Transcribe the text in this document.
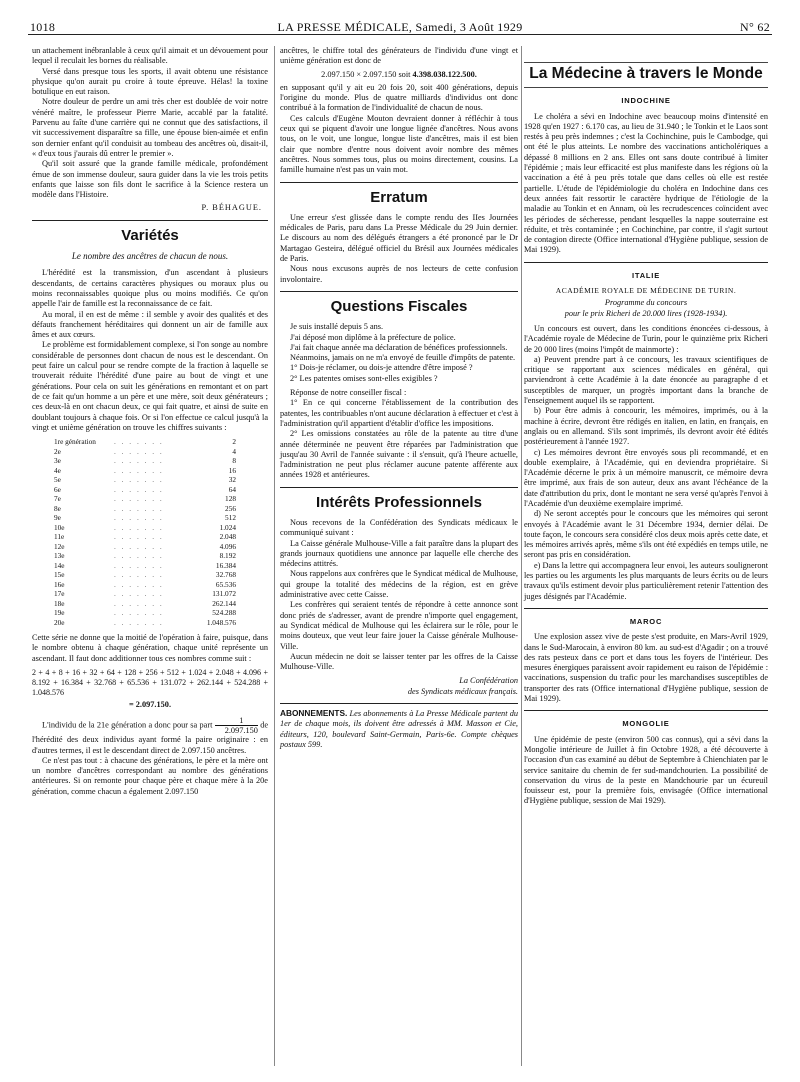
1018	LA PRESSE MÉDICALE, Samedi, 3 Août 1929	N° 62

un attachement inébranlable à ceux qu'il aimait et un dévouement pour lequel il reculait les bornes du réalisable.

Versé dans presque tous les sports, il avait obtenu une résistance physique qu'on aurait pu croire à toute épreuve. Hélas! la toxine botulique en eut raison.

Notre douleur de perdre un ami très cher est doublée de voir notre vénéré maître, le professeur Pierre Marie, accablé par la fatalité. Parvenu au faîte d'une carrière qui ne connut que des satisfactions, il vit successivement disparaître sa fille, une épouse bien-aimée et enfin son dernier enfant qu'il conduisit au tombeau des ancêtres où, disait-il, « d'eux tous j'aurais dû entrer le premier ».

Qu'il soit assuré que la grande famille médicale, profondément émue de son immense douleur, saura guider dans la vie les trois petits enfants que laisse son fils dont le sacrifice à la Science restera un modèle dans l'Histoire.

P. BÉHAGUE.
Variétés
Le nombre des ancêtres de chacun de nous.

L'hérédité est la transmission, d'un ascendant à plusieurs descendants, de certains caractères physiques ou moraux plus ou moins reconnaissables quoique plus ou moins modifiés. Ce qu'on appelle l'air de famille est la reconnaissance de ce fait.

Au moral, il en est de même : il semble y avoir des qualités et des défauts franchement héréditaires qui donnent un air de famille aux âmes et aux cœurs.

Le problème est formidablement complexe, si l'on songe au nombre considérable de personnes dont chacun de nous est le descendant. On peut faire un calcul pour se rendre compte de la fraction à laquelle se trouverait réduite l'hérédité d'une paire au bout de vingt et une générations. Pour cela on suit les générations en remontant et on part de ce fait qu'un homme a un père et une mère, soit deux générateurs ; ces deux-là en ont chacun deux, ce qui fait quatre, et ainsi de suite en doublant toujours à chaque fois. Or si l'on effectue ce calcul jusqu'à la vingt et unième génération on trouve les chiffres suivants :

1re génération	. . . . . . .	2
2e	. . . . . . .	4
3e	. . . . . . .	8
4e	. . . . . . .	16
5e	. . . . . . .	32
6e	. . . . . . .	64
7e	. . . . . . .	128
8e	. . . . . . .	256
9e	. . . . . . .	512
10e	. . . . . . .	1.024
11e	. . . . . . .	2.048
12e	. . . . . . .	4.096
13e	. . . . . . .	8.192
14e	. . . . . . .	16.384
15e	. . . . . . .	32.768
16e	. . . . . . .	65.536
17e	. . . . . . .	131.072
18e	. . . . . . .	262.144
19e	. . . . . . .	524.288
20e	. . . . . . .	1.048.576

Cette série ne donne que la moitié de l'opération à faire, puisque, dans le nombre obtenu à chaque génération, chaque unité représente un ascendant. Il faut donc additionner tous ces nombres comme suit :

2 + 4 + 8 + 16 + 32 + 64 + 128 + 256 + 512 + 1.024 + 2.048 + 4.096 + 8.192 + 16.384 + 32.768 + 65.536 + 131.072 + 262.144 + 524.288 + 1.048.576
= 2.097.150.

L'individu de la 21e génération a donc pour sa part $\frac{1}{2.097.150}$ de l'hérédité des deux individus ayant formé la paire originaire : en d'autres termes, il est le descendant direct de 2.097.150 ancêtres.

Ce n'est pas tout : à chacune des générations, le père et la mère ont un nombre d'ancêtres correspondant au nombre des générations antérieures. Si on remonte pour chaque père et chaque mère à la 20e génération, comme chacun a également 2.097.150

ancêtres, le chiffre total des générateurs de l'individu d'une vingt et unième génération est donc de

2.097.150 × 2.097.150 soit 4.398.038.122.500.

en supposant qu'il y ait eu 20 fois 20, soit 400 générations, depuis l'origine du monde. Plus de quatre milliards d'individus ont donc contribué à la formation de l'individualité de chacun de nous.

Ces calculs d'Eugène Mouton devraient donner à réfléchir à tous ceux qui se piquent d'avoir une longue lignée d'ancêtres. Nous avons tous, on le voit, une longue, longue liste d'ancêtres, mais il est bien clair que nombre d'entre nous doivent avoir nombre des mêmes ancêtres. Nous sommes tous, plus ou moins directement, cousins. La famille humaine n'est pas un vain mot.

Erratum

Une erreur s'est glissée dans le compte rendu des IIes Journées médicales de Paris, paru dans La Presse Médicale du 29 Juin dernier. Le discours au nom des délégués étrangers a été prononcé par le Dr Martagao Gesteira, délégué officiel du Brésil aux Journées médicales de Paris.

Nous nous excusons auprès de nos lecteurs de cette confusion involontaire.

Questions Fiscales

Je suis installé depuis 5 ans.

J'ai déposé mon diplôme à la préfecture de police.

J'ai fait chaque année ma déclaration de bénéfices professionnels.

Néanmoins, jamais on ne m'a envoyé de feuille d'impôts de patente.

1° Dois-je réclamer, ou dois-je attendre d'être imposé ?

2° Les patentes omises sont-elles exigibles ?

Réponse de notre conseiller fiscal :

1° En ce qui concerne l'établissement de la contribution des patentes, les contribuables n'ont aucune déclaration à effectuer et c'est à l'administration qu'il appartient d'établir d'office les impositions.

2° Les omissions constatées au rôle de la patente au titre d'une année déterminée ne peuvent être réparées par l'administration que jusqu'au 30 Avril de l'année suivante : il s'ensuit, qu'à l'heure actuelle, l'administration ne peut plus réclamer aucune patente afférente aux années 1928 et antérieures.

Intérêts Professionnels

Nous recevons de la Confédération des Syndicats médicaux le communiqué suivant :

La Caisse générale Mulhouse-Ville a fait paraître dans la plupart des grands journaux quotidiens une annonce par laquelle elle cherche des médecins attitrés.

Nous rappelons aux confrères que le Syndicat médical de Mulhouse, qui groupe la totalité des médecins de la région, est en grève administrative avec cette Caisse.

Les confrères qui seraient tentés de répondre à cette annonce sont donc priés de s'adresser, avant de prendre n'importe quel engagement, au Syndicat médical de Mulhouse qui les éclairera sur le rôle, pour le moins douteux, que veut leur faire jouer la Caisse générale Mulhouse-Ville.

Aucun médecin ne doit se laisser tenter par les offres de la Caisse Mulhouse-Ville.

La Confédération
des Syndicats médicaux français.

ABONNEMENTS. Les abonnements à La Presse Médicale partent du 1er de chaque mois, ils doivent être adressés à MM. Masson et Cie, éditeurs, 120, boulevard Saint-Germain, Paris-6e. Compte chèques postaux 599.

La Médecine à travers le Monde
INDOCHINE

Le choléra a sévi en Indochine avec beaucoup moins d'intensité en 1928 qu'en 1927 : 6.170 cas, au lieu de 31.940 ; le Tonkin et le Laos sont restés à peu près indemnes ; c'est la Cochinchine, puis le Cambodge, qui ont été le plus atteints. Le nombre des vaccinations anticholériques a dépassé 8 millions en 2 ans. Elles ont sans doute contribué à limiter l'épidémie ; mais leur efficacité est plus manifeste dans les régions où la vaccination a été à peu près totale que dans celles où elle est restée partielle. L'étude de l'épidémiologie du choléra en Indochine dans ces deux années fait ressortir le caractère hydrique de l'étiologie de la maladie au Tonkin et en Annam, où les recrudescences coïncident avec les périodes de sécheresse, pendant lesquelles la nappe souterraine est réduite, et très contaminée ; en Cochinchine, par contre, il s'agit surtout de contagion directe (Office international d'Hygiène publique, session de Mai 1929).

ITALIE
ACADÉMIE ROYALE DE MÉDECINE DE TURIN.
Programme du concours
pour le prix Richeri de 20.000 lires (1928-1934).

Un concours est ouvert, dans les conditions énoncées ci-dessous, à l'Académie royale de Médecine de Turin, pour le quinzième prix Richeri de 20 000 lires (moins l'impôt de mainmorte) :

a) Peuvent prendre part à ce concours, les travaux scientifiques de critique se rapportant aux sciences médicales en général, qui parviendront à cette Académie à la date énoncée au paragraphe d et susceptibles de marquer, un progrès important dans la branche de l'enseignement auquel ils se rapportent.

b) Pour être admis à concourir, les mémoires, imprimés, ou à la machine à écrire, devront être rédigés en italien, en latin, en français, en anglais ou en allemand. S'ils sont imprimés, ils devront avoir été édités postérieurement à l'année 1927.

c) Les mémoires devront être envoyés sous pli recommandé, et en double exemplaire, à l'Académie, qui en deviendra propriétaire. Si l'Académie décerne le prix à un mémoire manuscrit, ce mémoire devra être imprimé, aux frais de son auteur, deux ans avant l'échéance de la date d'attribution du prix, dont le montant ne sera versé qu'après l'envoi à l'Académie d'un deuxième exemplaire imprimé.

d) Ne seront acceptés pour le concours que les mémoires qui seront envoyés à l'Académie avant le 31 Décembre 1934, dernier délai. De toute façon, le concours sera considéré clos deux mois après cette date, et les mémoires arrivés après, même s'ils ont été expédiés en temps utile, ne seront pas pris en considération.

e) Dans la lettre qui accompagnera leur envoi, les auteurs souligneront les parties ou les arguments les plus marquants de leurs écrits ou de leurs travaux qu'ils estiment devoir plus particulièrement retenir l'attention des juges désignés par l'Académie.

MAROC

Une explosion assez vive de peste s'est produite, en Mars-Avril 1929, dans le Sud-Marocain, à environ 80 km. au sud-est d'Agadir ; on a trouvé des rats pesteux dans ce port et dans tous les foyers de l'intérieur. Des mesures énergiques paraissent avoir rapidement eu raison de l'épidémie : vaccinations, suspension du trafic pour les marchandises susceptibles de transporter des rats (Office international d'Hygiène publique, session de Mai 1929).

MONGOLIE

Une épidémie de peste (environ 500 cas connus), qui a sévi dans la Mongolie intérieure de Juillet à fin Octobre 1928, a été découverte à l'occasion d'un cas examiné au début de Septembre à Chienchiaten par le service sanitaire du chemin de fer sud-mandchourien. La possibilité de conservation du virus de la peste en Mandchourie par un écureuil fouisseur est, pour la première fois, envisagée (Office international d'Hygiène publique, session de Mai 1929).
